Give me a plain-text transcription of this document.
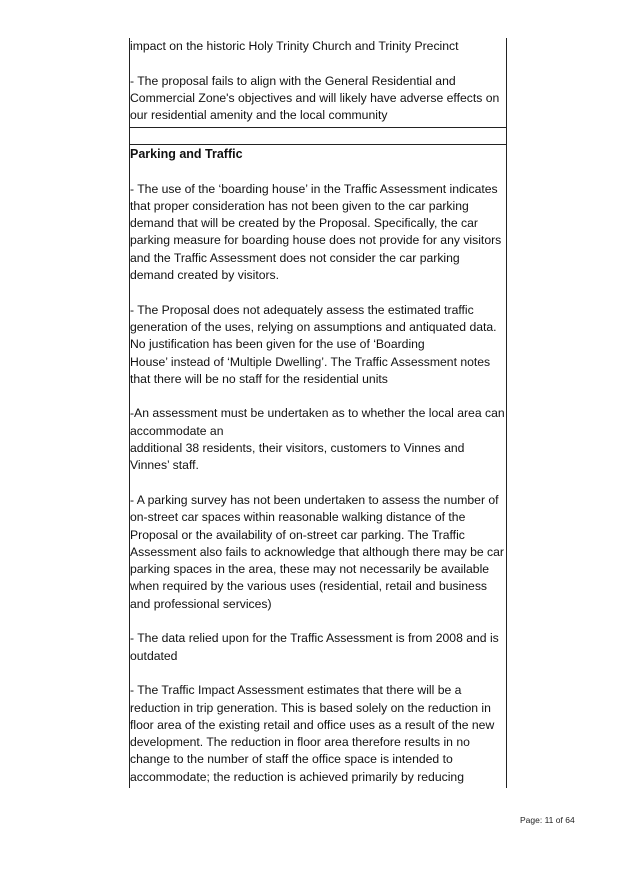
impact on the historic Holy Trinity Church and Trinity Precinct

- The proposal fails to align with the General Residential and
Commercial Zone's objectives and will likely have adverse effects on
our residential amenity and the local community

Parking and Traffic

- The use of the ‘boarding house’ in the Traffic Assessment indicates
that proper consideration has not been given to the car parking
demand that will be created by the Proposal. Specifically, the car
parking measure for boarding house does not provide for any visitors
and the Traffic Assessment does not consider the car parking
demand created by visitors.

- The Proposal does not adequately assess the estimated traffic
generation of the uses, relying on assumptions and antiquated data.
No justification has been given for the use of ‘Boarding
House’ instead of ‘Multiple Dwelling’. The Traffic Assessment notes
that there will be no staff for the residential units

-An assessment must be undertaken as to whether the local area can
accommodate an
additional 38 residents, their visitors, customers to Vinnes and
Vinnes’ staff.

- A parking survey has not been undertaken to assess the number of
on-street car spaces within reasonable walking distance of the
Proposal or the availability of on-street car parking. The Traffic
Assessment also fails to acknowledge that although there may be car
parking spaces in the area, these may not necessarily be available
when required by the various uses (residential, retail and business
and professional services)

- The data relied upon for the Traffic Assessment is from 2008 and is
outdated

- The Traffic Impact Assessment estimates that there will be a
reduction in trip generation. This is based solely on the reduction in
floor area of the existing retail and office uses as a result of the new
development. The reduction in floor area therefore results in no
change to the number of staff the office space is intended to
accommodate; the reduction is achieved primarily by reducing

Page: 11 of 64
